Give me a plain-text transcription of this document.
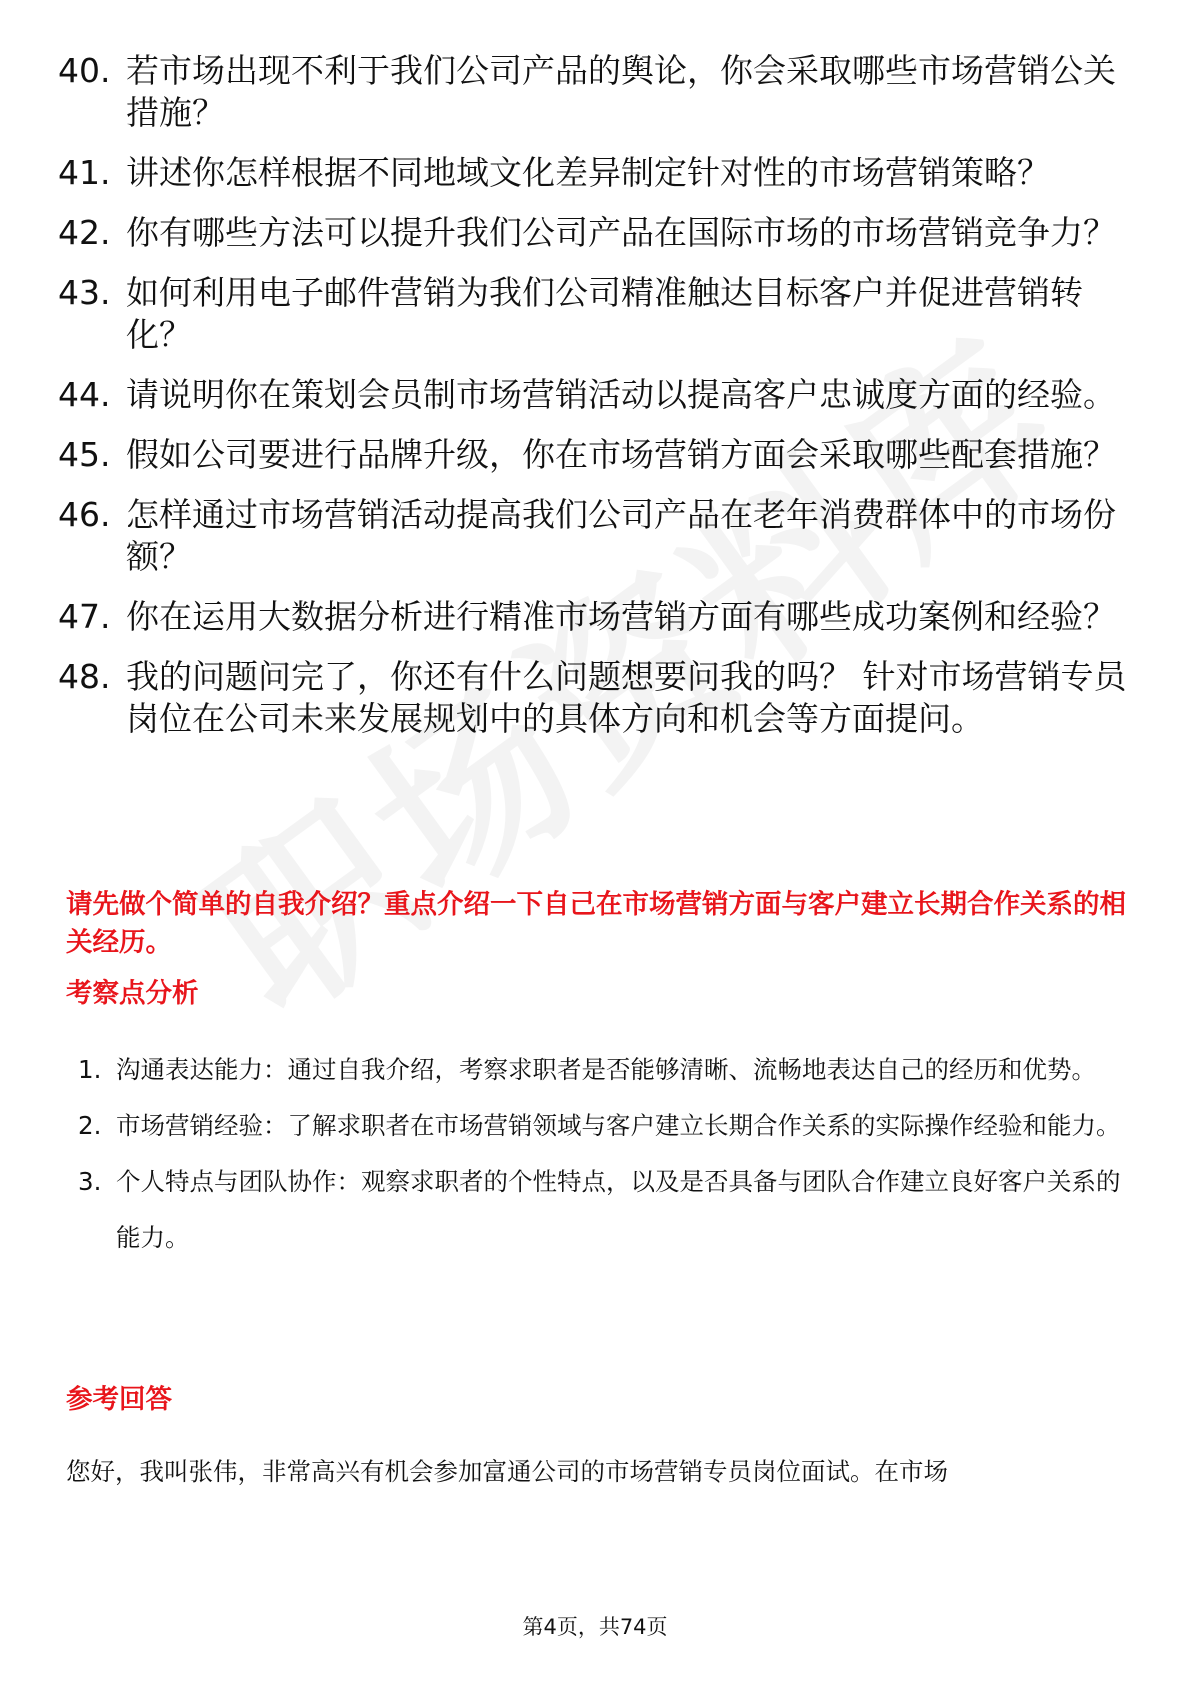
40. 若市场出现不利于我们公司产品的舆论，你会采取哪些市场营销公关措施？
41. 讲述你怎样根据不同地域文化差异制定针对性的市场营销策略？
42. 你有哪些方法可以提升我们公司产品在国际市场的市场营销竞争力？
43. 如何利用电子邮件营销为我们公司精准触达目标客户并促进营销转化？
44. 请说明你在策划会员制市场营销活动以提高客户忠诚度方面的经验。
45. 假如公司要进行品牌升级，你在市场营销方面会采取哪些配套措施？
46. 怎样通过市场营销活动提高我们公司产品在老年消费群体中的市场份额？
47. 你在运用大数据分析进行精准市场营销方面有哪些成功案例和经验？
48. 我的问题问完了，你还有什么问题想要问我的吗？ 针对市场营销专员岗位在公司未来发展规划中的具体方向和机会等方面提问。
请先做个简单的自我介绍？重点介绍一下自己在市场营销方面与客户建立长期合作关系的相关经历。
考察点分析
1. 沟通表达能力：通过自我介绍，考察求职者是否能够清晰、流畅地表达自己的经历和优势。
2. 市场营销经验：了解求职者在市场营销领域与客户建立长期合作关系的实际操作经验和能力。
3. 个人特点与团队协作：观察求职者的个性特点，以及是否具备与团队合作建立良好客户关系的能力。
参考回答
您好，我叫张伟，非常高兴有机会参加富通公司的市场营销专员岗位面试。在市场
第4页，共74页
